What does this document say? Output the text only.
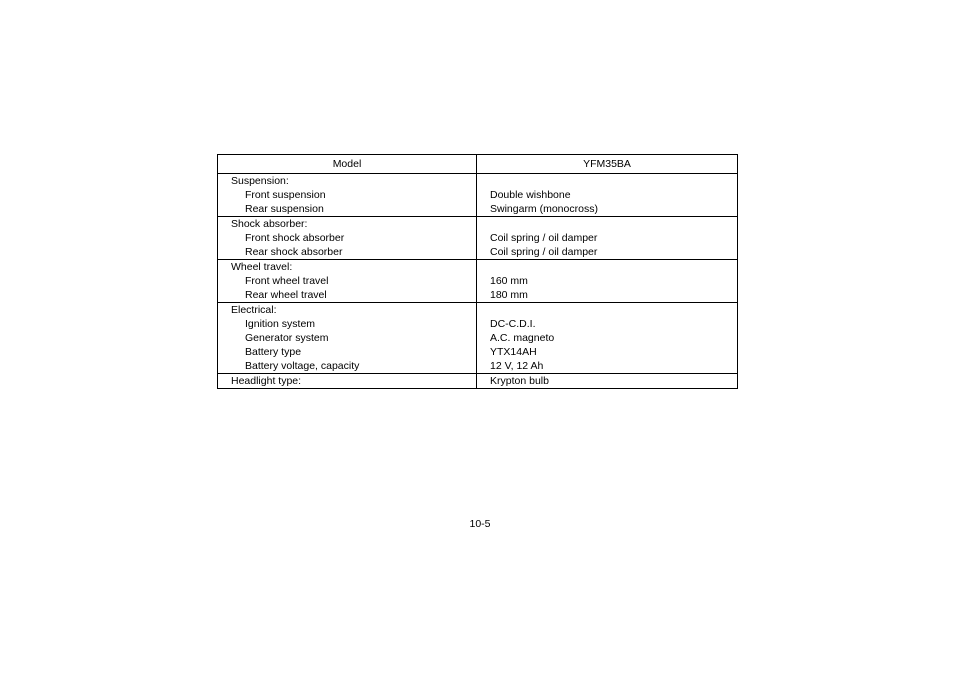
Model	YFM35BA
Suspension:
Front suspension
Rear suspension
Double wishbone
Swingarm (monocross)
Shock absorber:
Front shock absorber
Rear shock absorber
Coil spring / oil damper
Coil spring / oil damper
Wheel travel:
Front wheel travel
Rear wheel travel
160 mm
180 mm
Electrical:
Ignition system
Generator system
Battery type
Battery voltage, capacity
DC-C.D.I.
A.C. magneto
YTX14AH
12 V, 12 Ah
Headlight type:	Krypton bulb
10-5
